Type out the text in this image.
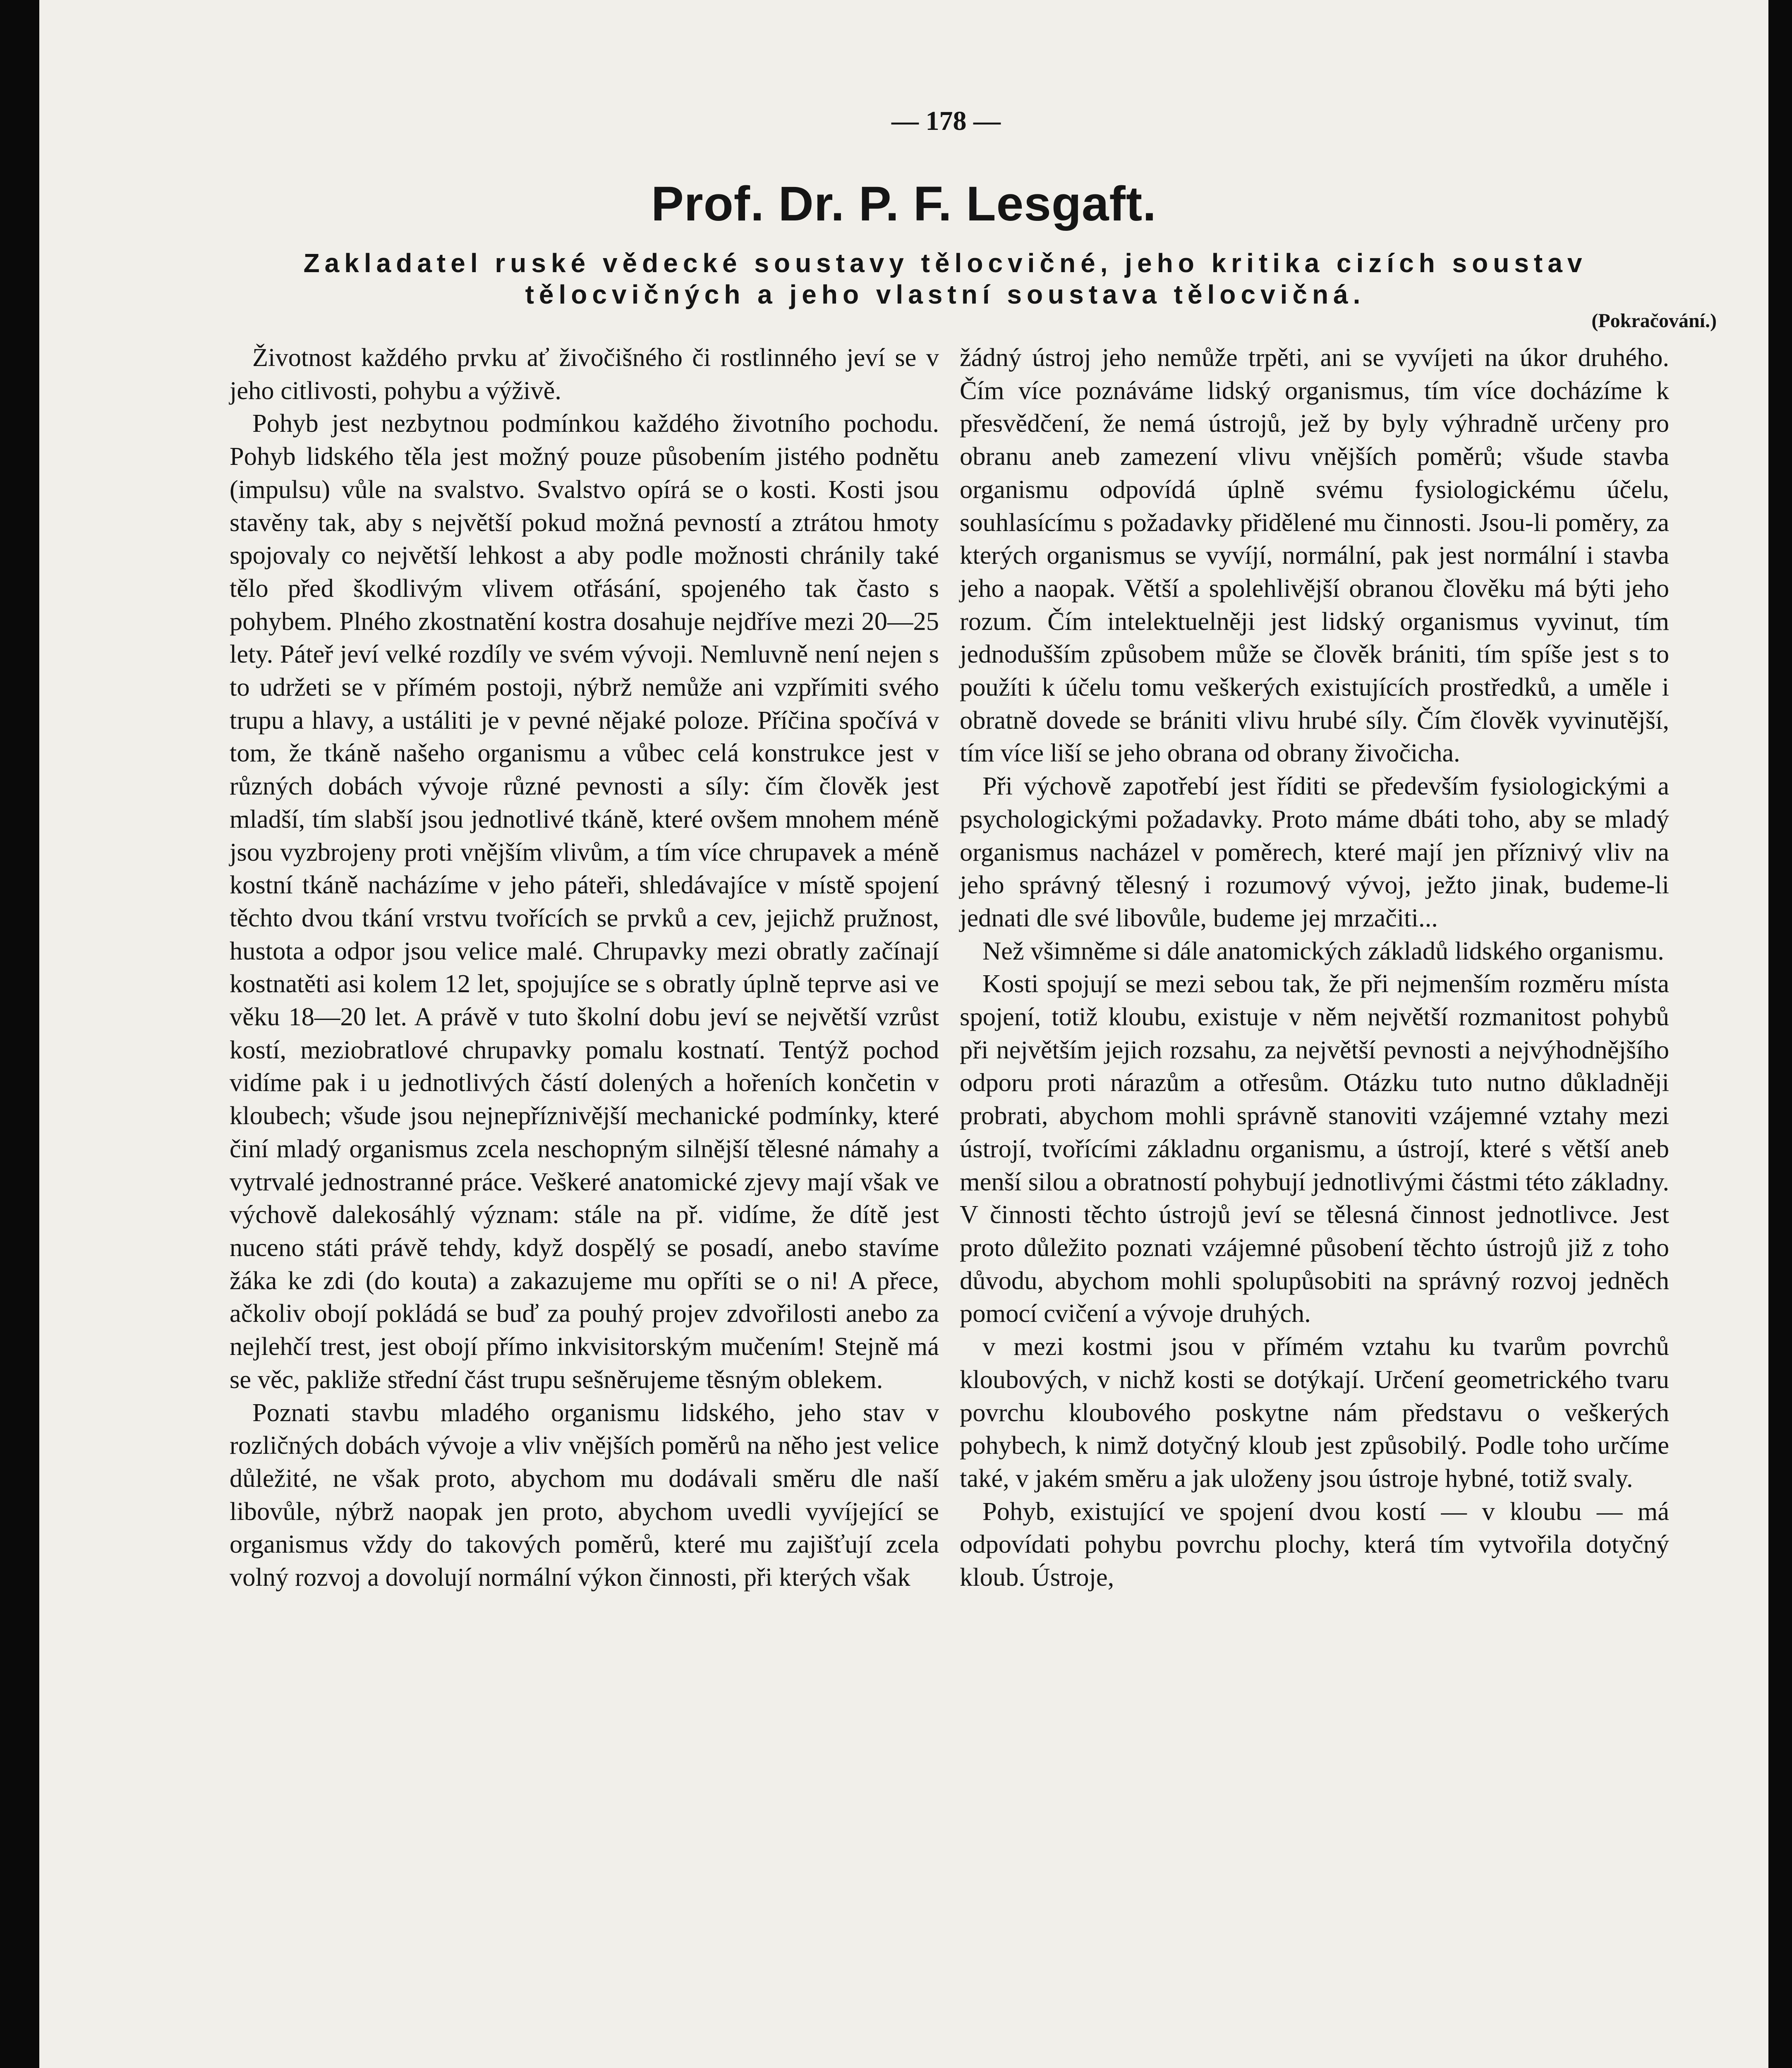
— 178 —
Prof. Dr. P. F. Lesgaft.
Zakladatel ruské vědecké soustavy tělocvičné, jeho kritika cizích soustav
tělocvičných a jeho vlastní soustava tělocvičná.
(Pokračování.)

Životnost každého prvku ať živočišného či rostlinného jeví se v jeho citlivosti, pohybu a výživě.

Pohyb jest nezbytnou podmínkou každého životního pochodu. Pohyb lidského těla jest možný pouze působením jistého podnětu (impulsu) vůle na svalstvo. Svalstvo opírá se o kosti. Kosti jsou stavěny tak, aby s největší pokud možná pevností a ztrátou hmoty spojovaly co největší lehkost a aby podle možnosti chránily také tělo před škodlivým vlivem otřásání, spojeného tak často s pohybem. Plného zkostnatění kostra dosahuje nejdříve mezi 20—25 lety. Páteř jeví velké rozdíly ve svém vývoji. Nemluvně není nejen s to udržeti se v přímém postoji, nýbrž nemůže ani vzpřímiti svého trupu a hlavy, a ustáliti je v pevné nějaké poloze. Příčina spočívá v tom, že tkáně našeho organismu a vůbec celá konstrukce jest v různých dobách vývoje různé pevnosti a síly: čím člověk jest mladší, tím slabší jsou jednotlivé tkáně, které ovšem mnohem méně jsou vyzbrojeny proti vnějším vlivům, a tím více chrupavek a méně kostní tkáně nacházíme v jeho páteři, shledávajíce v místě spojení těchto dvou tkání vrstvu tvořících se prvků a cev, jejichž pružnost, hustota a odpor jsou velice malé. Chrupavky mezi obratly začínají kostnatěti asi kolem 12 let, spojujíce se s obratly úplně teprve asi ve věku 18—20 let. A právě v tuto školní dobu jeví se největší vzrůst kostí, meziobratlové chrupavky pomalu kostnatí. Tentýž pochod vidíme pak i u jednotlivých částí dolených a hořeních končetin v kloubech; všude jsou nejnepříznivější mechanické podmínky, které činí mladý organismus zcela neschopným silnější tělesné námahy a vytrvalé jednostranné práce. Veškeré anatomické zjevy mají však ve výchově dalekosáhlý význam: stále na př. vidíme, že dítě jest nuceno státi právě tehdy, když dospělý se posadí, anebo stavíme žáka ke zdi (do kouta) a zakazujeme mu opříti se o ni! A přece, ačkoliv obojí pokládá se buď za pouhý projev zdvořilosti anebo za nejlehčí trest, jest obojí přímo inkvisitorským mučením! Stejně má se věc, pakliže střední část trupu sešněrujeme těsným oblekem.

Poznati stavbu mladého organismu lidského, jeho stav v rozličných dobách vývoje a vliv vnějších poměrů na něho jest velice důležité, ne však proto, abychom mu dodávali směru dle naší libovůle, nýbrž naopak jen proto, abychom uvedli vyvíjející se organismus vždy do takových poměrů, které mu zajišťují zcela volný rozvoj a dovolují normální výkon činnosti, při kterých však

žádný ústroj jeho nemůže trpěti, ani se vyvíjeti na úkor druhého. Čím více poznáváme lidský organismus, tím více docházíme k přesvědčení, že nemá ústrojů, jež by byly výhradně určeny pro obranu aneb zamezení vlivu vnějších poměrů; všude stavba organismu odpovídá úplně svému fysiologickému účelu, souhlasícímu s požadavky přidělené mu činnosti. Jsou-li poměry, za kterých organismus se vyvíjí, normální, pak jest normální i stavba jeho a naopak. Větší a spolehlivější obranou člověku má býti jeho rozum. Čím intelektuelněji jest lidský organismus vyvinut, tím jednodušším způsobem může se člověk brániti, tím spíše jest s to použíti k účelu tomu veškerých existujících prostředků, a uměle i obratně dovede se brániti vlivu hrubé síly. Čím člověk vyvinutější, tím více liší se jeho obrana od obrany živočicha.

Při výchově zapotřebí jest říditi se především fysiologickými a psychologickými požadavky. Proto máme dbáti toho, aby se mladý organismus nacházel v poměrech, které mají jen příznivý vliv na jeho správný tělesný i rozumový vývoj, ježto jinak, budeme-li jednati dle své libovůle, budeme jej mrzačiti...

Než všimněme si dále anatomických základů lidského organismu.

Kosti spojují se mezi sebou tak, že při nejmenším rozměru místa spojení, totiž kloubu, existuje v něm největší rozmanitost pohybů při největším jejich rozsahu, za největší pevnosti a nejvýhodnějšího odporu proti nárazům a otřesům. Otázku tuto nutno důkladněji probrati, abychom mohli správně stanoviti vzájemné vztahy mezi ústrojí, tvořícími základnu organismu, a ústrojí, které s větší aneb menší silou a obratností pohybují jednotlivými částmi této základny. V činnosti těchto ústrojů jeví se tělesná činnost jednotlivce. Jest proto důležito poznati vzájemné působení těchto ústrojů již z toho důvodu, abychom mohli spolupůsobiti na správný rozvoj jedněch pomocí cvičení a vývoje druhých.

v mezi kostmi jsou v přímém vztahu ku tvarům povrchů kloubových, v nichž kosti se dotýkají. Určení geometrického tvaru povrchu kloubového poskytne nám představu o veškerých pohybech, k nimž dotyčný kloub jest způsobilý. Podle toho určíme také, v jakém směru a jak uloženy jsou ústroje hybné, totiž svaly.

Pohyb, existující ve spojení dvou kostí — v kloubu — má odpovídati pohybu povrchu plochy, která tím vytvořila dotyčný kloub. Ústroje,
